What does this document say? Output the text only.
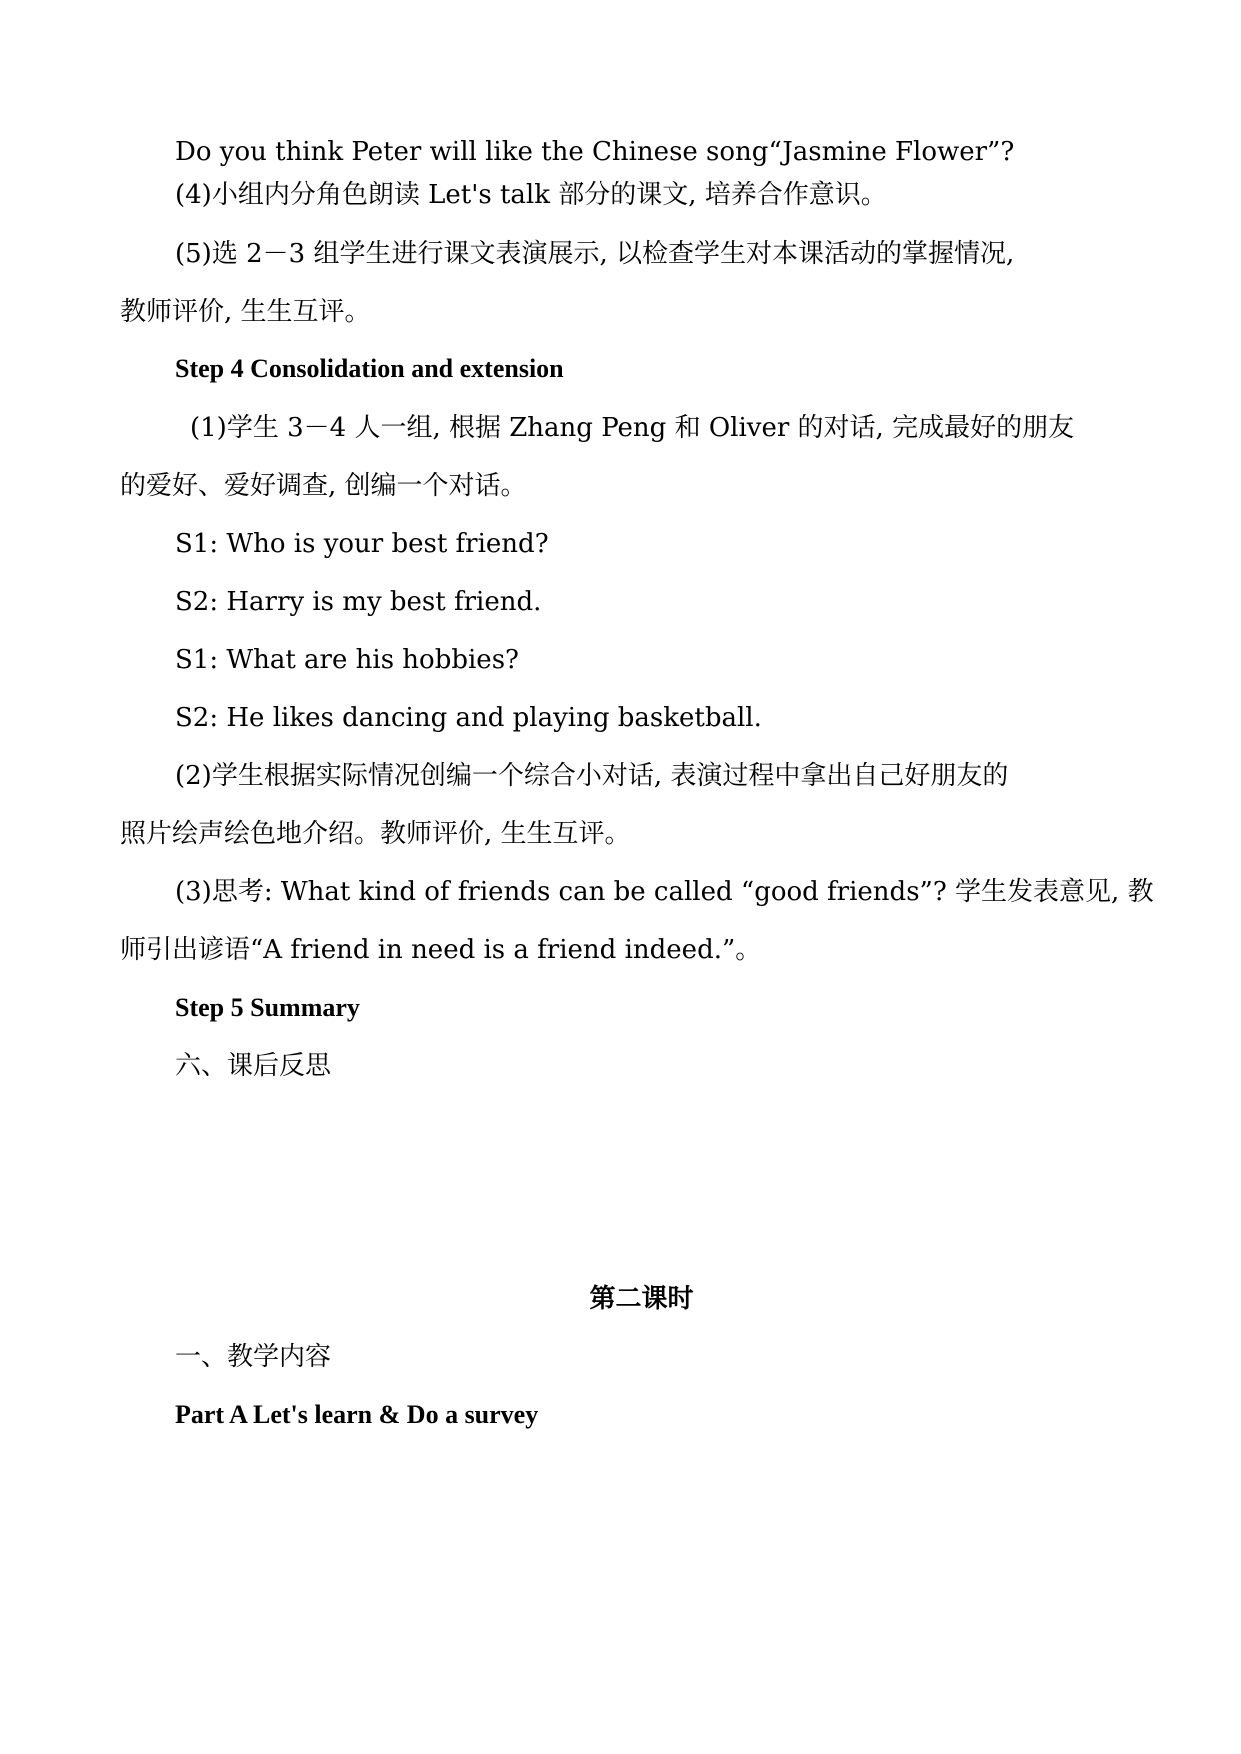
Do you think Peter will like the Chinese song“Jasmine Flower”?
(4)小组内分角色朗读 Let's talk 部分的课文, 培养合作意识。
(5)选 2－3 组学生进行课文表演展示, 以检查学生对本课活动的掌握情况,
教师评价, 生生互评。
Step 4 Consolidation and extension
(1)学生 3－4 人一组, 根据 Zhang Peng 和 Oliver 的对话, 完成最好的朋友
的爱好、爱好调查, 创编一个对话。
S1: Who is your best friend?
S2: Harry is my best friend.
S1: What are his hobbies?
S2: He likes dancing and playing basketball.
(2)学生根据实际情况创编一个综合小对话, 表演过程中拿出自己好朋友的
照片绘声绘色地介绍。教师评价, 生生互评。
(3)思考: What kind of friends can be called “good friends”? 学生发表意见, 教
师引出谚语“A friend in need is a friend indeed.”。
Step 5 Summary
六、课后反思
第二课时
一、教学内容
Part A Let's learn & Do a survey
